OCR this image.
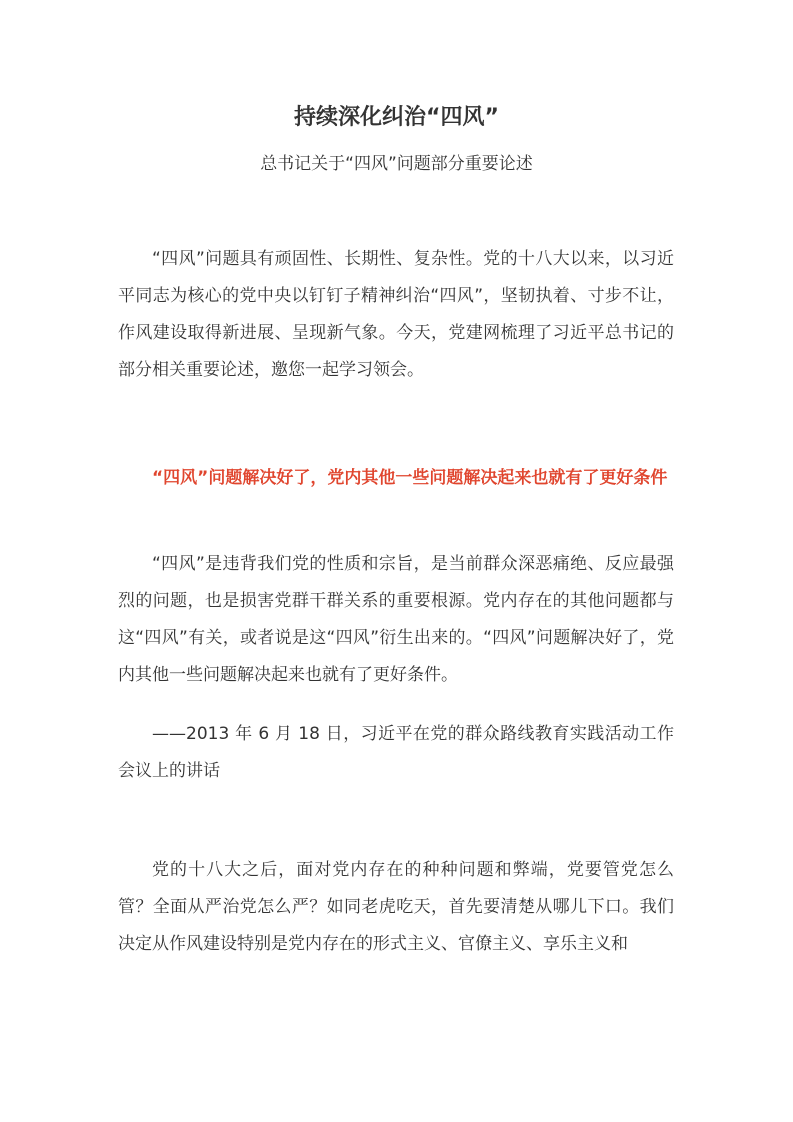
持续深化纠治“四风”
总书记关于“四风”问题部分重要论述

“四风”问题具有顽固性、长期性、复杂性。党的十八大以来，以习近平同志为核心的党中央以钉钉子精神纠治“四风”，坚韧执着、寸步不让，作风建设取得新进展、呈现新气象。今天，党建网梳理了习近平总书记的部分相关重要论述，邀您一起学习领会。

“四风”问题解决好了，党内其他一些问题解决起来也就有了更好条件

“四风”是违背我们党的性质和宗旨，是当前群众深恶痛绝、反应最强烈的问题，也是损害党群干群关系的重要根源。党内存在的其他问题都与这“四风”有关，或者说是这“四风”衍生出来的。“四风”问题解决好了，党内其他一些问题解决起来也就有了更好条件。

——2013 年 6 月 18 日，习近平在党的群众路线教育实践活动工作会议上的讲话

党的十八大之后，面对党内存在的种种问题和弊端，党要管党怎么管？全面从严治党怎么严？如同老虎吃天，首先要清楚从哪儿下口。我们决定从作风建设特别是党内存在的形式主义、官僚主义、享乐主义和
